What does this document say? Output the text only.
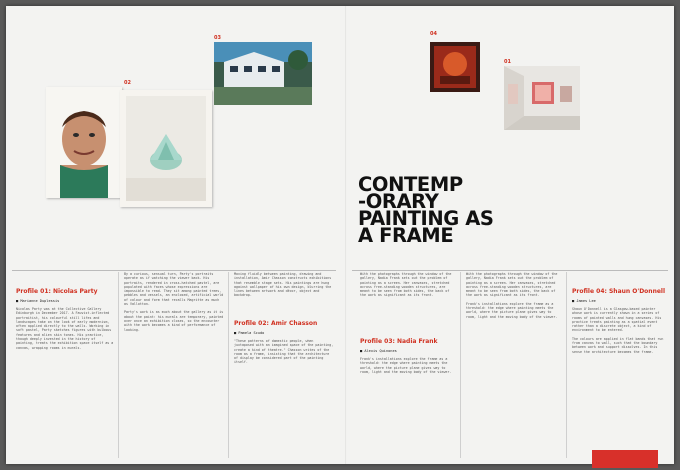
02
03
04
01
CONTEMP
-ORARY
PAINTING AS
A FRAME
Profile 01: Nicolas Party
■ Marianne Duplessis

Nicolas Party was at the Collective Gallery Edinburgh in December 2017. A Fauvist-inflected portraitist, his colourful still lifes and landscapes take on the look of early modernism, often applied directly to the walls. Working in soft pastel, Party sketches figures with bulbous features and alien skin tones. His practice, though deeply invested in the history of painting, treats the exhibition space itself as a canvas, wrapping rooms in murals.

By a curious, sensual turn, Party's portraits operate as if watching the viewer back. His portraits, rendered in cross-hatched pastel, are populated with faces whose expressions are impossible to read. They sit among painted trees, pebbles and vessels, an enclosed, artificial world of colour and form that recalls Magritte as much as Vallotton.

Party's work is as much about the gallery as it is about the paint: his murals are temporary, painted over once an exhibition closes, so the encounter with the work becomes a kind of performance of looking.

Moving fluidly between painting, drawing and installation, Amir Chasson constructs exhibitions that resemble stage sets. His paintings are hung against wallpaper of his own design, blurring the lines between artwork and décor, object and backdrop.

Profile 02: Amir Chasson
■ Pamela Scudo

"These patterns of domestic people, when juxtaposed with an imagined space of the painting, create a kind of theatre." Chasson writes of the room as a frame, insisting that the architecture of display be considered part of the painting itself.

With the photographs through the window of the gallery, Nadia Frank sets out the problem of painting as a screen. Her canvases, stretched across free-standing wooden structures, are meant to be seen from both sides, the back of the work as significant as its front.

Profile 03: Nadia Frank
■ Alexis Quinones

Frank's installations explore the frame as a threshold: the edge where painting meets the world, where the picture plane gives way to room, light and the moving body of the viewer.

With the photographs through the window of the gallery, Nadia Frank sets out the problem of painting as a screen. Her canvases, stretched across free-standing wooden structures, are meant to be seen from both sides, the back of the work as significant as its front.

Frank's installations explore the frame as a threshold: the edge where painting meets the world, where the picture plane gives way to room, light and the moving body of the viewer.

Profile 04: Shaun O'Donnell
■ James Lee

Shaun O'Donnell is a Glasgow-based painter whose work is currently shown in a series of rooms of painted walls and hung canvases. His practice treats painting as a spatial event rather than a discrete object, a kind of environment to be entered.

The colours are applied in flat bands that run from canvas to wall, such that the boundary between work and support dissolves. In this sense the architecture becomes the frame.
